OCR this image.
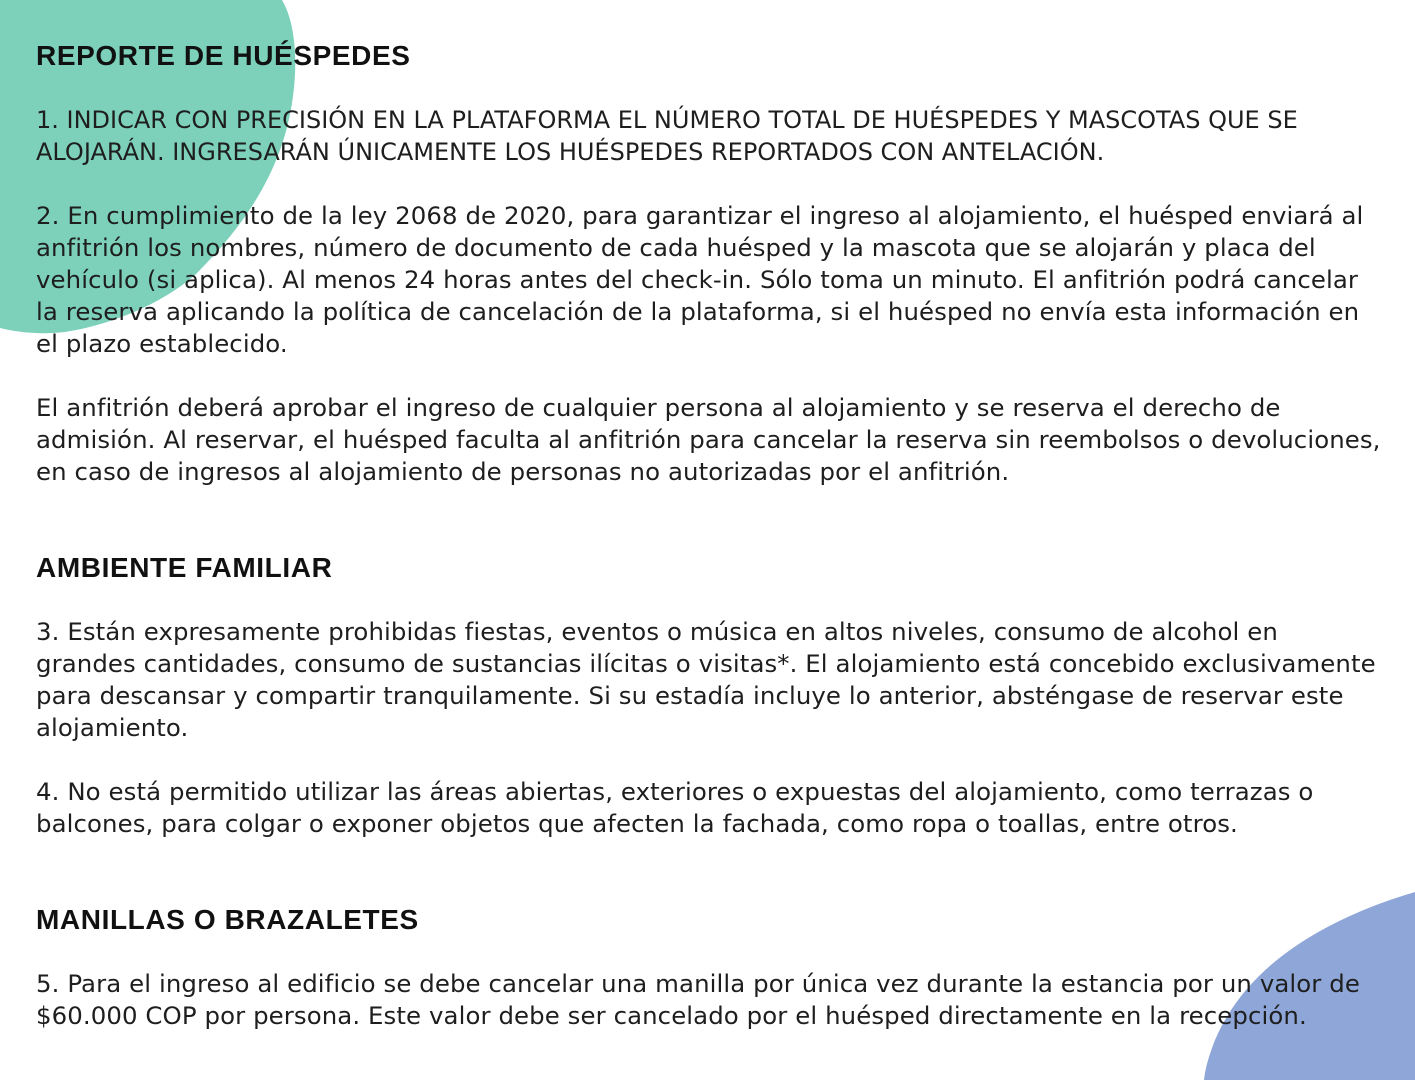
REPORTE DE HUÉSPEDES

1. INDICAR CON PRECISIÓN EN LA PLATAFORMA EL NÚMERO TOTAL DE HUÉSPEDES Y MASCOTAS QUE SE ALOJARÁN. INGRESARÁN ÚNICAMENTE LOS HUÉSPEDES REPORTADOS CON ANTELACIÓN.

2. En cumplimiento de la ley 2068 de 2020, para garantizar el ingreso al alojamiento, el huésped enviará al anfitrión los nombres, número de documento de cada huésped y la mascota que se alojarán y placa del vehículo (si aplica). Al menos 24 horas antes del check-in. Sólo toma un minuto. El anfitrión podrá cancelar la reserva aplicando la política de cancelación de la plataforma, si el huésped no envía esta información en el plazo establecido.

El anfitrión deberá aprobar el ingreso de cualquier persona al alojamiento y se reserva el derecho de admisión. Al reservar, el huésped faculta al anfitrión para cancelar la reserva sin reembolsos o devoluciones, en caso de ingresos al alojamiento de personas no autorizadas por el anfitrión.

AMBIENTE FAMILIAR

3. Están expresamente prohibidas fiestas, eventos o música en altos niveles, consumo de alcohol en grandes cantidades, consumo de sustancias ilícitas o visitas*. El alojamiento está concebido exclusivamente para descansar y compartir tranquilamente. Si su estadía incluye lo anterior, absténgase de reservar este alojamiento.

4. No está permitido utilizar las áreas abiertas, exteriores o expuestas del alojamiento, como terrazas o balcones, para colgar o exponer objetos que afecten la fachada, como ropa o toallas, entre otros.

MANILLAS O BRAZALETES

5. Para el ingreso al edificio se debe cancelar una manilla por única vez durante la estancia por un valor de $60.000 COP por persona. Este valor debe ser cancelado por el huésped directamente en la recepción.
